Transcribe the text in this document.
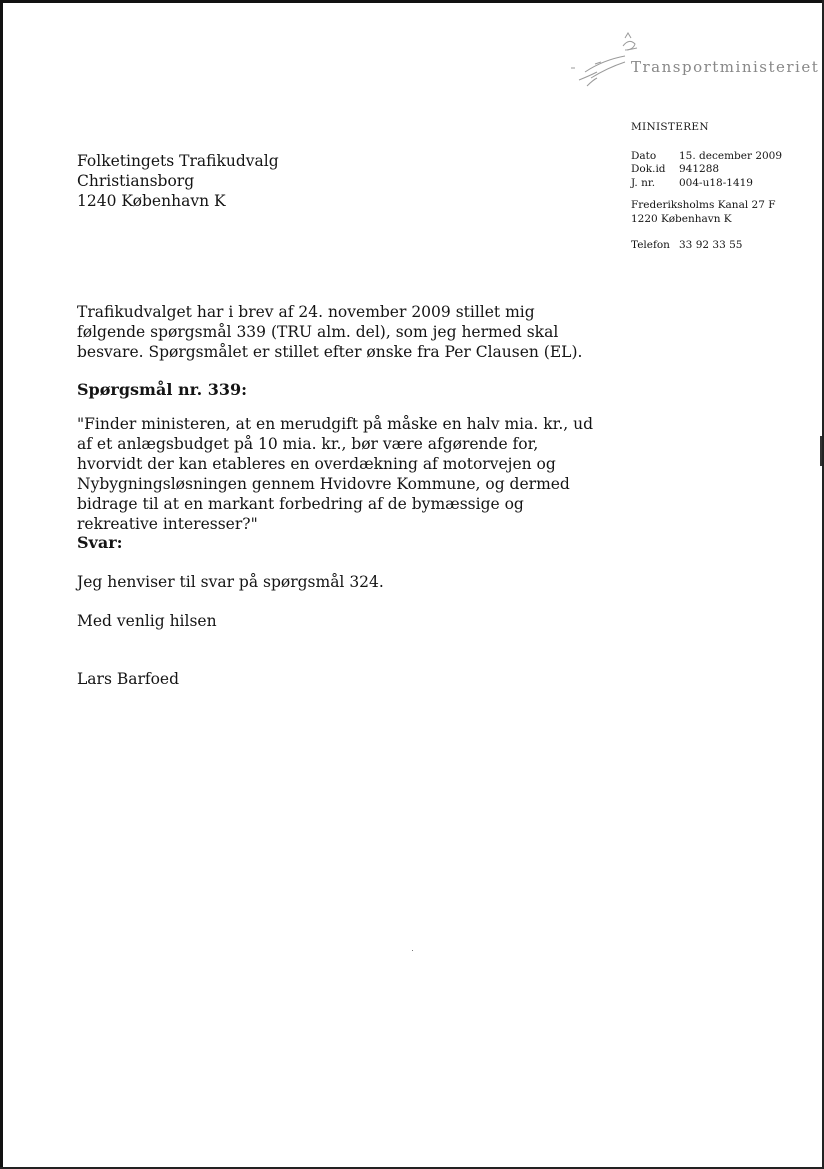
Transportministeriet
MINISTEREN
Dato 15. december 2009
Dok.id 941288
J. nr. 004-u18-1419
Frederiksholms Kanal 27 F
1220 København K
Telefon 33 92 33 55
Folketingets Trafikudvalg
Christiansborg
1240 København K
Trafikudvalget har i brev af 24. november 2009 stillet mig følgende spørgsmål 339 (TRU alm. del), som jeg hermed skal besvare. Spørgsmålet er stillet efter ønske fra Per Clausen (EL).
Spørgsmål nr. 339:
"Finder ministeren, at en merudgift på måske en halv mia. kr., ud af et anlægsbudget på 10 mia. kr., bør være afgørende for, hvorvidt der kan etableres en overdækning af motorvejen og Nybygningsløsningen gennem Hvidovre Kommune, og dermed bidrage til at en markant forbedring af de bymæssige og rekreative interesser?"
Svar:
Jeg henviser til svar på spørgsmål 324.
Med venlig hilsen
Lars Barfoed
